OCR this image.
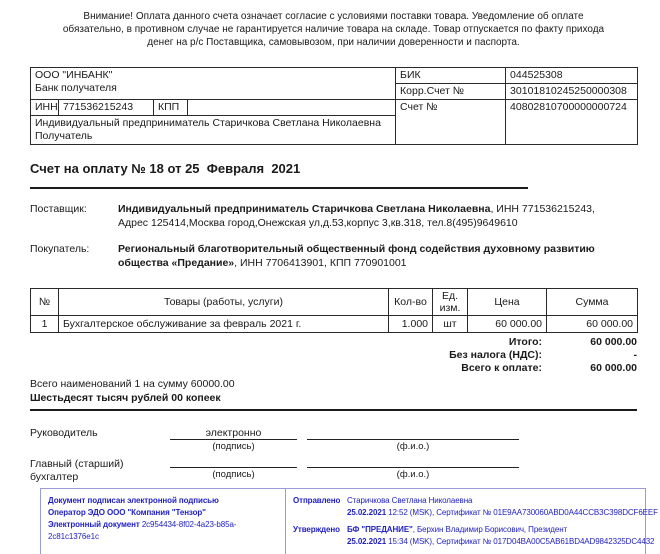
Внимание! Оплата данного счета означает согласие с условиями поставки товара. Уведомление об оплате
обязательно, в противном случае не гарантируется наличие товара на складе. Товар отпускается по факту прихода
денег на р/с Поставщика, самовывозом, при наличии доверенности и паспорта.
ООО "ИНБАНК"
Банк получателя				БИК	044525308
				Корр.Счет №	30101810245250000308
ИНН	771536215243	КПП		Счет №	40802810700000000724

Индивидуальный предприниматель Старичкова Светлана Николаевна
Получатель					
Счет на оплату № 18 от 25  Февраля  2021
Поставщик:	Индивидуальный предприниматель Старичкова Светлана Николаевна, ИНН 771536215243,
Адрес 125414,Москва город,Онежская ул,д.53,корпус 3,кв.318, тел.8(495)9649610
Покупатель:	Региональный благотворительный общественный фонд содействия духовному развитию общества «Предание», ИНН 7706413901, КПП 770901001
№	Товары (работы, услуги)	Кол-во	Ед. изм.	Цена	Сумма
1	Бухгалтерское обслуживание за февраль 2021 г.	1.000	шт	60 000.00	60 000.00
Итого:	60 000.00
Без налога (НДС):	-
Всего к оплате:	60 000.00
Всего наименований 1 на сумму 60000.00
Шестьдесят тысяч рублей 00 копеек
Руководитель	электронно
(подпись)	(ф.и.о.)
Главный (старший) бухгалтер	(подпись)	(ф.и.о.)
Документ подписан электронной подписью
Оператор ЭДО ООО "Компания "Тензор"
Электронный документ 2c954434-8f02-4a23-b85a-2c81c1376e1c
Отправлено Старичкова Светлана Николаевна
25.02.2021 12:52 (MSK), Сертификат № 01E9AA730060ABD0A44CCB3C398DCF6EEF
Утверждено БФ "ПРЕДАНИЕ", Берхин Владимир Борисович, Президент
25.02.2021 15:34 (MSK), Сертификат № 017D04BA00C5AB61BD4AD9842325DC4432
